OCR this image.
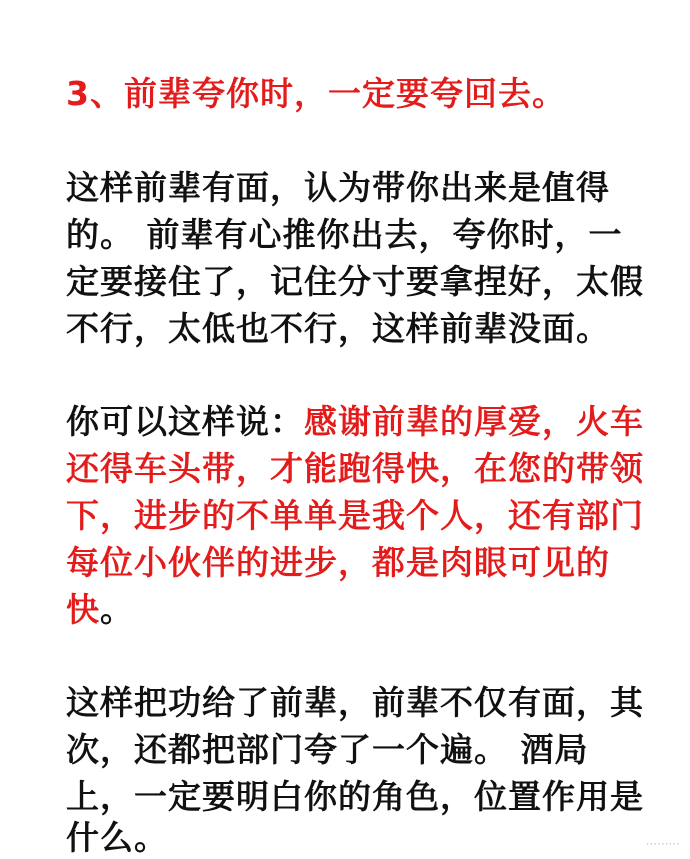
3、前辈夸你时，一定要夸回去。
这样前辈有面，认为带你出来是值得
的。 前辈有心推你出去，夸你时，一
定要接住了，记住分寸要拿捏好，太假
不行，太低也不行，这样前辈没面。
你可以这样说：感谢前辈的厚爱，火车
还得车头带，才能跑得快，在您的带领
下，进步的不单单是我个人，还有部门
每位小伙伴的进步，都是肉眼可见的
快。
这样把功给了前辈，前辈不仅有面，其
次，还都把部门夸了一个遍。 酒局
上，一定要明白你的角色，位置作用是
什么。	·········
